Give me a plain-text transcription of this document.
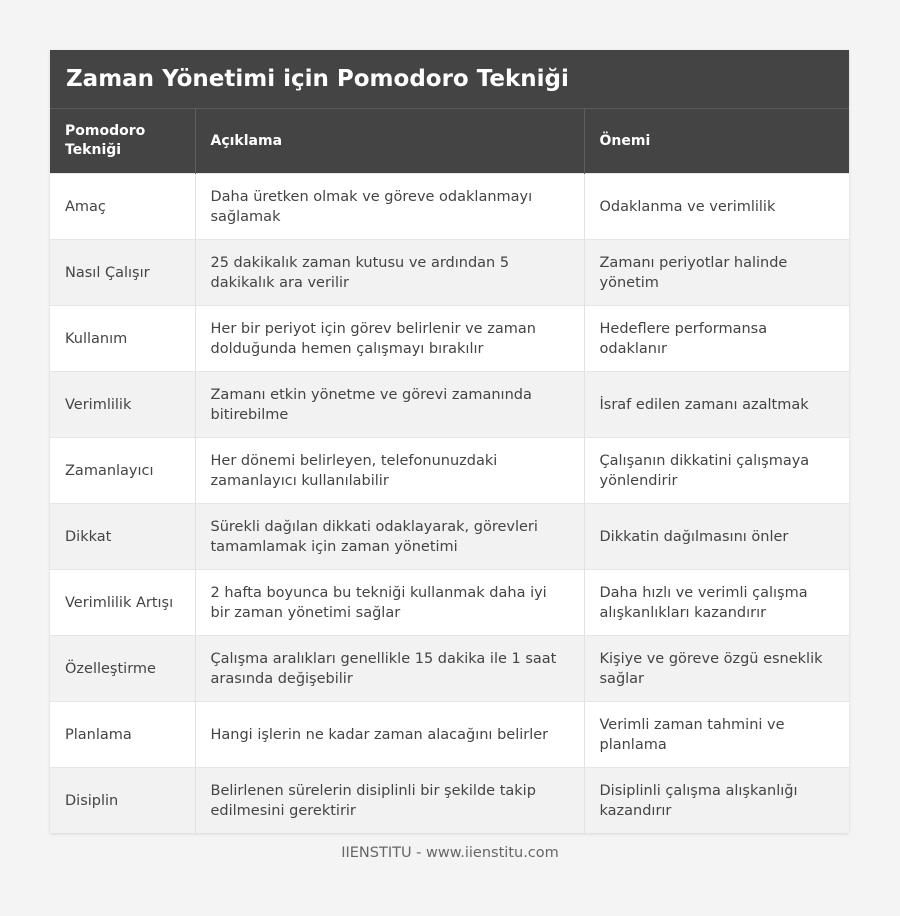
Zaman Yönetimi için Pomodoro Tekniği
Pomodoro Tekniği	Açıklama	Önemi
Amaç	Daha üretken olmak ve göreve odaklanmayı sağlamak	Odaklanma ve verimlilik
Nasıl Çalışır	25 dakikalık zaman kutusu ve ardından 5 dakikalık ara verilir	Zamanı periyotlar halinde yönetim
Kullanım	Her bir periyot için görev belirlenir ve zaman dolduğunda hemen çalışmayı bırakılır	Hedeflere performansa odaklanır
Verimlilik	Zamanı etkin yönetme ve görevi zamanında bitirebilme	İsraf edilen zamanı azaltmak
Zamanlayıcı	Her dönemi belirleyen, telefonunuzdaki zamanlayıcı kullanılabilir	Çalışanın dikkatini çalışmaya yönlendirir
Dikkat	Sürekli dağılan dikkati odaklayarak, görevleri tamamlamak için zaman yönetimi	Dikkatin dağılmasını önler
Verimlilik Artışı	2 hafta boyunca bu tekniği kullanmak daha iyi bir zaman yönetimi sağlar	Daha hızlı ve verimli çalışma alışkanlıkları kazandırır
Özelleştirme	Çalışma aralıkları genellikle 15 dakika ile 1 saat arasında değişebilir	Kişiye ve göreve özgü esneklik sağlar
Planlama	Hangi işlerin ne kadar zaman alacağını belirler	Verimli zaman tahmini ve planlama
Disiplin	Belirlenen sürelerin disiplinli bir şekilde takip edilmesini gerektirir	Disiplinli çalışma alışkanlığı kazandırır
IIENSTITU - www.iienstitu.com
